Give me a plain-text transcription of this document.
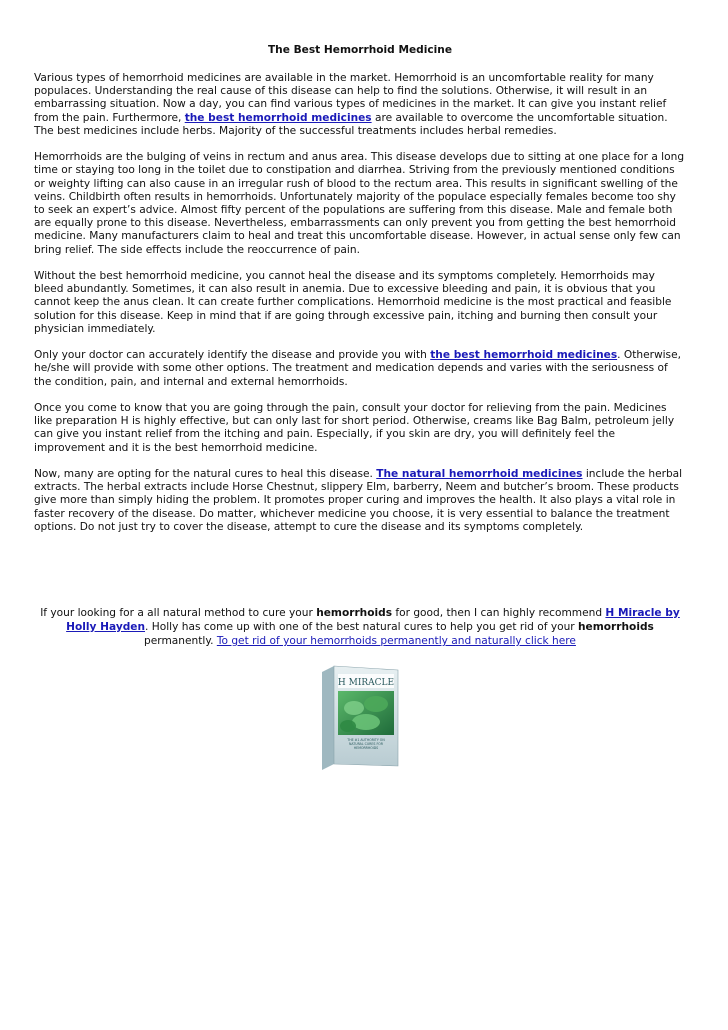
The Best Hemorrhoid Medicine

Various types of hemorrhoid medicines are available in the market. Hemorrhoid is an uncomfortable reality for many populaces. Understanding the real cause of this disease can help to find the solutions. Otherwise, it will result in an embarrassing situation. Now a day, you can find various types of medicines in the market. It can give you instant relief from the pain. Furthermore, the best hemorrhoid medicines are available to overcome the uncomfortable situation. The best medicines include herbs. Majority of the successful treatments includes herbal remedies.

Hemorrhoids are the bulging of veins in rectum and anus area. This disease develops due to sitting at one place for a long time or staying too long in the toilet due to constipation and diarrhea. Striving from the previously mentioned conditions or weighty lifting can also cause in an irregular rush of blood to the rectum area. This results in significant swelling of the veins. Childbirth often results in hemorrhoids. Unfortunately majority of the populace especially females become too shy to seek an expert’s advice. Almost fifty percent of the populations are suffering from this disease. Male and female both are equally prone to this disease. Nevertheless, embarrassments can only prevent you from getting the best hemorrhoid medicine. Many manufacturers claim to heal and treat this uncomfortable disease. However, in actual sense only few can bring relief. The side effects include the reoccurrence of pain.

Without the best hemorrhoid medicine, you cannot heal the disease and its symptoms completely. Hemorrhoids may bleed abundantly. Sometimes, it can also result in anemia. Due to excessive bleeding and pain, it is obvious that you cannot keep the anus clean. It can create further complications. Hemorrhoid medicine is the most practical and feasible solution for this disease. Keep in mind that if are going through excessive pain, itching and burning then consult your physician immediately.

Only your doctor can accurately identify the disease and provide you with the best hemorrhoid medicines. Otherwise, he/she will provide with some other options. The treatment and medication depends and varies with the seriousness of the condition, pain, and internal and external hemorrhoids.

Once you come to know that you are going through the pain, consult your doctor for relieving from the pain. Medicines like preparation H is highly effective, but can only last for short period. Otherwise, creams like Bag Balm, petroleum jelly can give you instant relief from the itching and pain. Especially, if you skin are dry, you will definitely feel the improvement and it is the best hemorrhoid medicine.

Now, many are opting for the natural cures to heal this disease. The natural hemorrhoid medicines include the herbal extracts. The herbal extracts include Horse Chestnut, slippery Elm, barberry, Neem and butcher’s broom. These products give more than simply hiding the problem. It promotes proper curing and improves the health. It also plays a vital role in faster recovery of the disease. Do matter, whichever medicine you choose, it is very essential to balance the treatment options. Do not just try to cover the disease, attempt to cure the disease and its symptoms completely.

If your looking for a all natural method to cure your hemorrhoids for good, then I can highly recommend H Miracle by Holly Hayden. Holly has come up with one of the best natural cures to help you get rid of your hemorrhoids permanently. To get rid of your hemorrhoids permanently and naturally click here
H MIRACLE
THE #1 AUTHORITY ON NATURAL CURES FOR HEMORRHOIDS
